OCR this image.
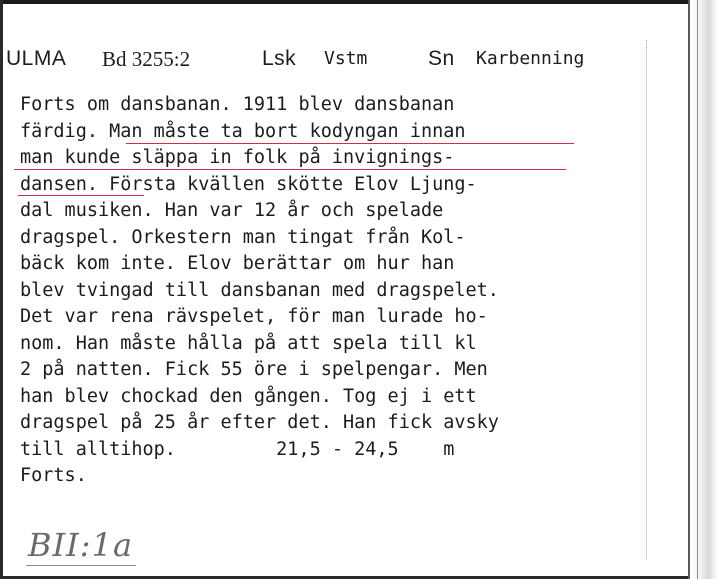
ULMA Bd 3255:2	Lsk Vstm	Sn Karbenning
Forts om dansbanan. 1911 blev dansbanan
färdig. Man måste ta bort kodyngan innan
man kunde släppa in folk på invignings-
dansen. Första kvällen skötte Elov Ljung-
dal musiken. Han var 12 år och spelade
dragspel. Orkestern man tingat från Kol-
bäck kom inte. Elov berättar om hur han
blev tvingad till dansbanan med dragspelet.
Det var rena rävspelet, för man lurade ho-
nom. Han måste hålla på att spela till kl
2 på natten. Fick 55 öre i spelpengar. Men
han blev chockad den gången. Tog ej i ett
dragspel på 25 år efter det. Han fick avsky
till alltihop.         21,5 - 24,5    m
Forts.
BII:1a
